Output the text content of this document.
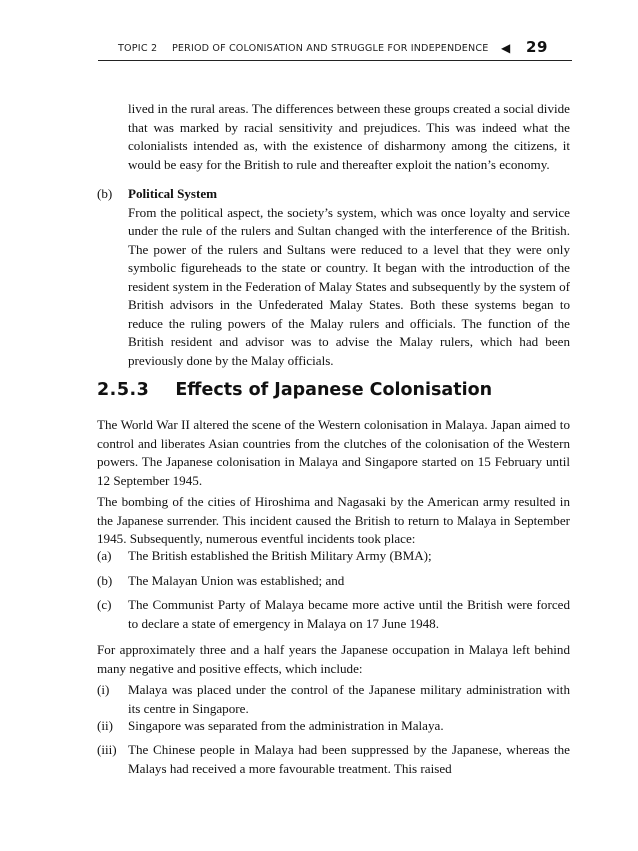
TOPIC 2 PERIOD OF COLONISATION AND STRUGGLE FOR INDEPENDENCE ◀ 29
lived in the rural areas. The differences between these groups created a social divide that was marked by racial sensitivity and prejudices. This was indeed what the colonialists intended as, with the existence of disharmony among the citizens, it would be easy for the British to rule and thereafter exploit the nation’s economy.
(b) Political System
From the political aspect, the society’s system, which was once loyalty and service under the rule of the rulers and Sultan changed with the interference of the British. The power of the rulers and Sultans were reduced to a level that they were only symbolic figureheads to the state or country. It began with the introduction of the resident system in the Federation of Malay States and subsequently by the system of British advisors in the Unfederated Malay States. Both these systems began to reduce the ruling powers of the Malay rulers and officials. The function of the British resident and advisor was to advise the Malay rulers, which had been previously done by the Malay officials.
2.5.3 Effects of Japanese Colonisation
The World War II altered the scene of the Western colonisation in Malaya. Japan aimed to control and liberates Asian countries from the clutches of the colonisation of the Western powers. The Japanese colonisation in Malaya and Singapore started on 15 February until 12 September 1945.
The bombing of the cities of Hiroshima and Nagasaki by the American army resulted in the Japanese surrender. This incident caused the British to return to Malaya in September 1945. Subsequently, numerous eventful incidents took place:
(a) The British established the British Military Army (BMA);
(b) The Malayan Union was established; and
(c) The Communist Party of Malaya became more active until the British were forced to declare a state of emergency in Malaya on 17 June 1948.
For approximately three and a half years the Japanese occupation in Malaya left behind many negative and positive effects, which include:
(i) Malaya was placed under the control of the Japanese military administration with its centre in Singapore.
(ii) Singapore was separated from the administration in Malaya.
(iii) The Chinese people in Malaya had been suppressed by the Japanese, whereas the Malays had received a more favourable treatment. This raised
